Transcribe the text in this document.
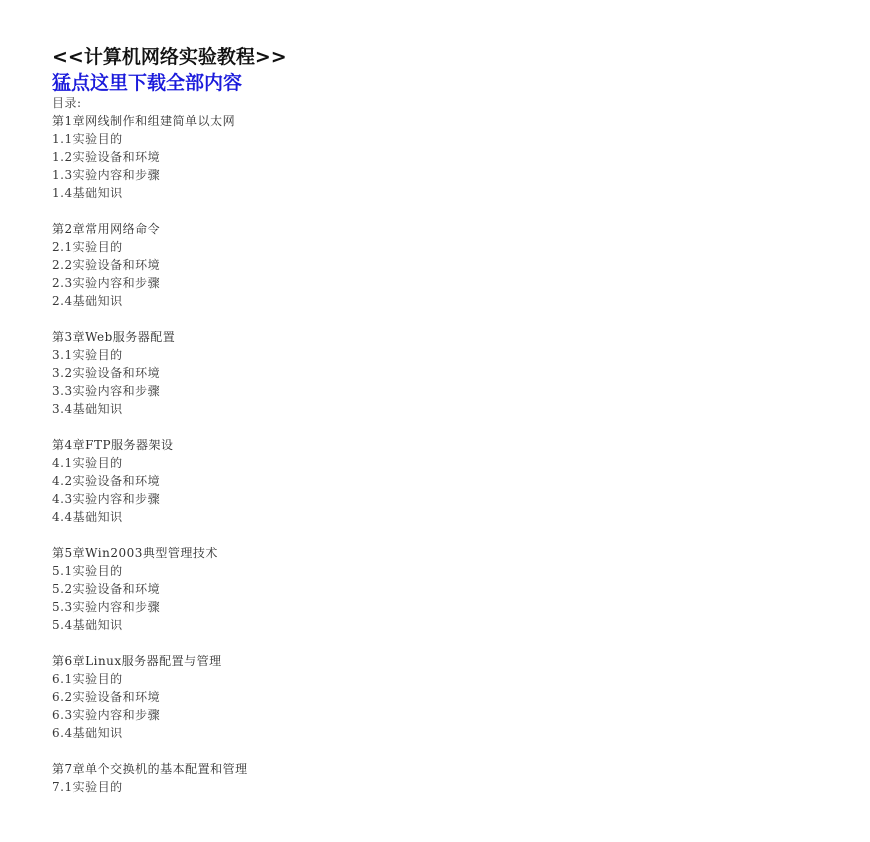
<<计算机网络实验教程>>
猛点这里下载全部内容
目录:
第1章网线制作和组建简单以太网
1.1实验目的
1.2实验设备和环境
1.3实验内容和步骤
1.4基础知识
第2章常用网络命令
2.1实验目的
2.2实验设备和环境
2.3实验内容和步骤
2.4基础知识
第3章Web服务器配置
3.1实验目的
3.2实验设备和环境
3.3实验内容和步骤
3.4基础知识
第4章FTP服务器架设
4.1实验目的
4.2实验设备和环境
4.3实验内容和步骤
4.4基础知识
第5章Win2003典型管理技术
5.1实验目的
5.2实验设备和环境
5.3实验内容和步骤
5.4基础知识
第6章Linux服务器配置与管理
6.1实验目的
6.2实验设备和环境
6.3实验内容和步骤
6.4基础知识
第7章单个交换机的基本配置和管理
7.1实验目的
